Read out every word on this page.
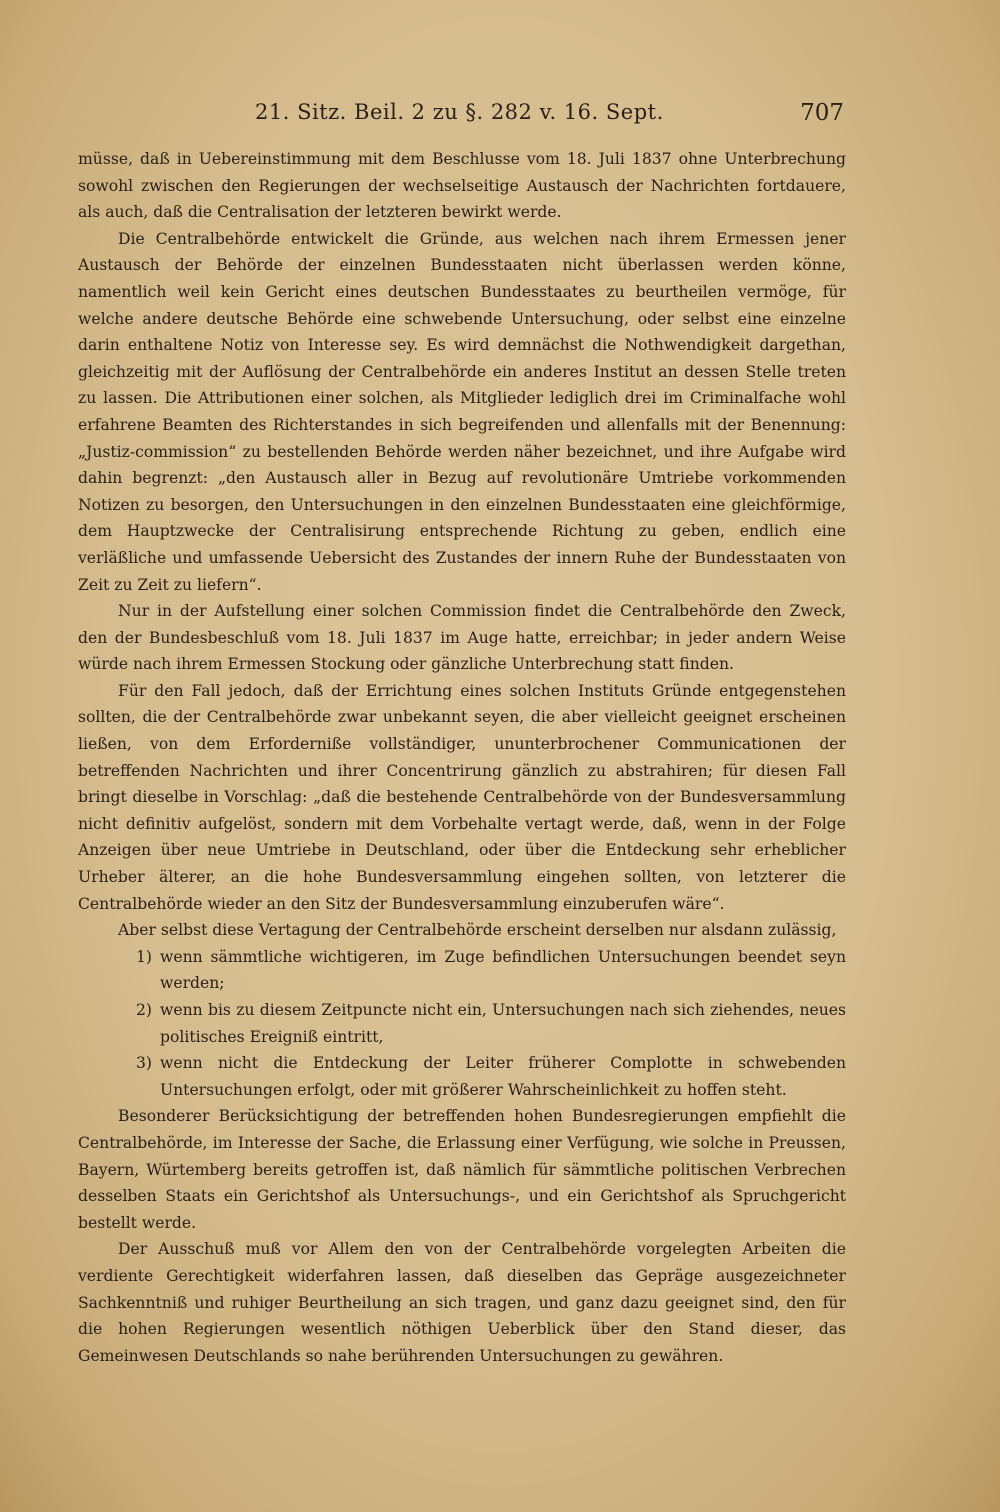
21. Sitz. Beil. 2 zu §. 282 v. 16. Sept.	707

müsse, daß in Uebereinstimmung mit dem Beschlusse vom 18. Juli 1837 ohne Unterbrechung sowohl zwischen den Regierungen der wechselseitige Austausch der Nachrichten fortdauere, als auch, daß die Centralisation der letzteren bewirkt werde.

Die Centralbehörde entwickelt die Gründe, aus welchen nach ihrem Ermessen jener Austausch der Behörde der einzelnen Bundesstaaten nicht überlassen werden könne, namentlich weil kein Gericht eines deutschen Bundesstaates zu beurtheilen vermöge, für welche andere deutsche Behörde eine schwebende Untersuchung, oder selbst eine einzelne darin enthaltene Notiz von Interesse sey. Es wird demnächst die Nothwendigkeit dargethan, gleichzeitig mit der Auflösung der Centralbehörde ein anderes Institut an dessen Stelle treten zu lassen. Die Attributionen einer solchen, als Mitglieder lediglich drei im Criminalfache wohl erfahrene Beamten des Richterstandes in sich begreifenden und allenfalls mit der Benennung: „Justiz-commission“ zu bestellenden Behörde werden näher bezeichnet, und ihre Aufgabe wird dahin begrenzt: „den Austausch aller in Bezug auf revolutionäre Umtriebe vorkommenden Notizen zu besorgen, den Untersuchungen in den einzelnen Bundesstaaten eine gleichförmige, dem Hauptzwecke der Centralisirung entsprechende Richtung zu geben, endlich eine verläßliche und umfassende Uebersicht des Zustandes der innern Ruhe der Bundesstaaten von Zeit zu Zeit zu liefern“.

Nur in der Aufstellung einer solchen Commission findet die Centralbehörde den Zweck, den der Bundesbeschluß vom 18. Juli 1837 im Auge hatte, erreichbar; in jeder andern Weise würde nach ihrem Ermessen Stockung oder gänzliche Unterbrechung statt finden.

Für den Fall jedoch, daß der Errichtung eines solchen Instituts Gründe entgegenstehen sollten, die der Centralbehörde zwar unbekannt seyen, die aber vielleicht geeignet erscheinen ließen, von dem Erforderniße vollständiger, ununterbrochener Communicationen der betreffenden Nachrichten und ihrer Concentrirung gänzlich zu abstrahiren; für diesen Fall bringt dieselbe in Vorschlag: „daß die bestehende Centralbehörde von der Bundesversammlung nicht definitiv aufgelöst, sondern mit dem Vorbehalte vertagt werde, daß, wenn in der Folge Anzeigen über neue Umtriebe in Deutschland, oder über die Entdeckung sehr erheblicher Urheber älterer, an die hohe Bundesversammlung eingehen sollten, von letzterer die Centralbehörde wieder an den Sitz der Bundesversammlung einzuberufen wäre“.

Aber selbst diese Vertagung der Centralbehörde erscheint derselben nur alsdann zulässig,

1) wenn sämmtliche wichtigeren, im Zuge befindlichen Untersuchungen beendet seyn werden;
2) wenn bis zu diesem Zeitpuncte nicht ein, Untersuchungen nach sich ziehendes, neues politisches Ereigniß eintritt,
3) wenn nicht die Entdeckung der Leiter früherer Complotte in schwebenden Untersuchungen erfolgt, oder mit größerer Wahrscheinlichkeit zu hoffen steht.

Besonderer Berücksichtigung der betreffenden hohen Bundesregierungen empfiehlt die Centralbehörde, im Interesse der Sache, die Erlassung einer Verfügung, wie solche in Preussen, Bayern, Würtemberg bereits getroffen ist, daß nämlich für sämmtliche politischen Verbrechen desselben Staats ein Gerichtshof als Untersuchungs-, und ein Gerichtshof als Spruchgericht bestellt werde.

Der Ausschuß muß vor Allem den von der Centralbehörde vorgelegten Arbeiten die verdiente Gerechtigkeit widerfahren lassen, daß dieselben das Gepräge ausgezeichneter Sachkenntniß und ruhiger Beurtheilung an sich tragen, und ganz dazu geeignet sind, den für die hohen Regierungen wesentlich nöthigen Ueberblick über den Stand dieser, das Gemeinwesen Deutschlands so nahe berührenden Untersuchungen zu gewähren.
